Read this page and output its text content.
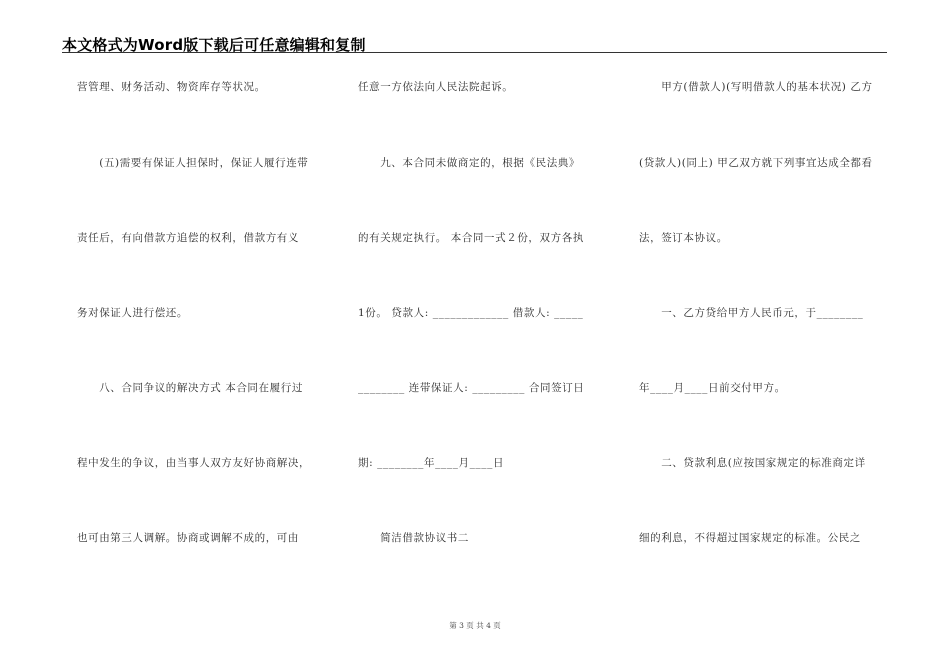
本文格式为Word版下载后可任意编辑和复制
营管理、财务活动、物资库存等状况。
　　(五)需要有保证人担保时，保证人履行连带
责任后，有向借款方追偿的权利，借款方有义
务对保证人进行偿还。
　　八、合同争议的解决方式 本合同在履行过
程中发生的争议，由当事人双方友好协商解决，
也可由第三人调解。协商或调解不成的，可由
任意一方依法向人民法院起诉。
　　九、本合同未做商定的，根据《民法典》
的有关规定执行。 本合同一式２份，双方各执
1份。 贷款人: _____________ 借款人: _____
________ 连带保证人: _________ 合同签订日
期: ________年____月____日
　　简洁借款协议书二
　　甲方(借款人)(写明借款人的基本状况) 乙方
(贷款人)(同上) 甲乙双方就下列事宜达成全都看
法，签订本协议。
　　一、乙方贷给甲方人民币元，于________
年____月____日前交付甲方。
　　二、贷款利息(应按国家规定的标准商定详
细的利息，不得超过国家规定的标准。公民之
第 3 页 共 4 页
